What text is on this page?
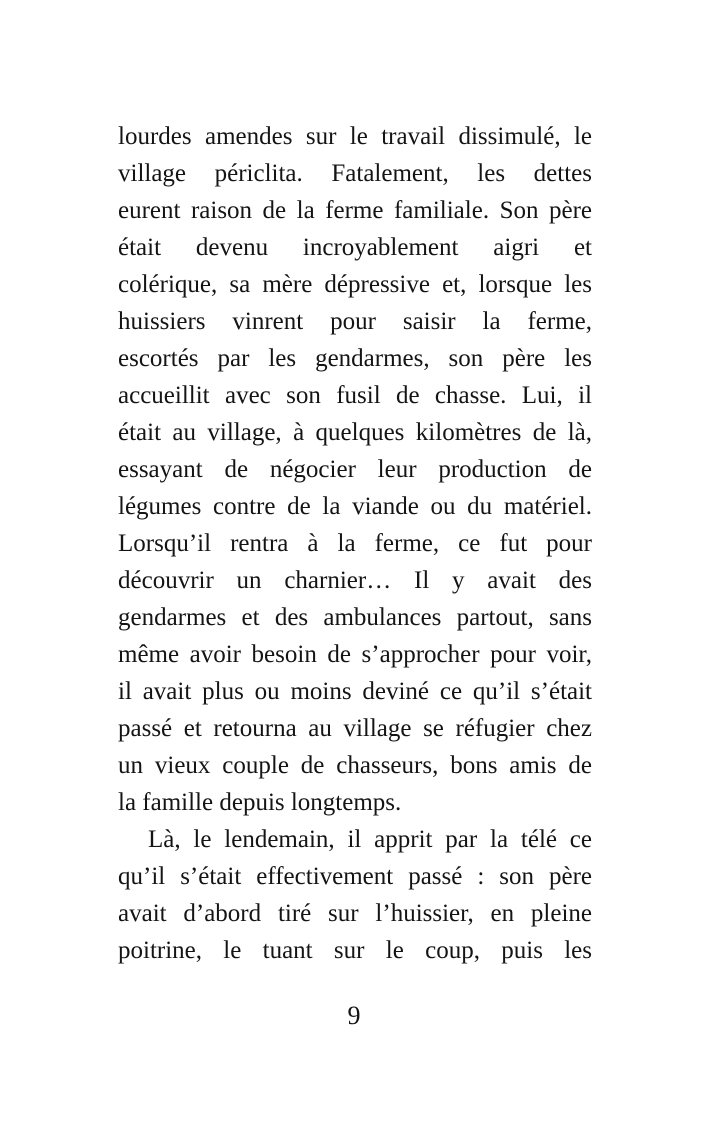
lourdes amendes sur le travail dissimulé, le
village périclita. Fatalement, les dettes
eurent raison de la ferme familiale. Son père
était devenu incroyablement aigri et
colérique, sa mère dépressive et, lorsque les
huissiers vinrent pour saisir la ferme,
escortés par les gendarmes, son père les
accueillit avec son fusil de chasse. Lui, il
était au village, à quelques kilomètres de là,
essayant de négocier leur production de
légumes contre de la viande ou du matériel.
Lorsqu’il rentra à la ferme, ce fut pour
découvrir un charnier… Il y avait des
gendarmes et des ambulances partout, sans
même avoir besoin de s’approcher pour voir,
il avait plus ou moins deviné ce qu’il s’était
passé et retourna au village se réfugier chez
un vieux couple de chasseurs, bons amis de
la famille depuis longtemps.
Là, le lendemain, il apprit par la télé ce
qu’il s’était effectivement passé : son père
avait d’abord tiré sur l’huissier, en pleine
poitrine, le tuant sur le coup, puis les
9
